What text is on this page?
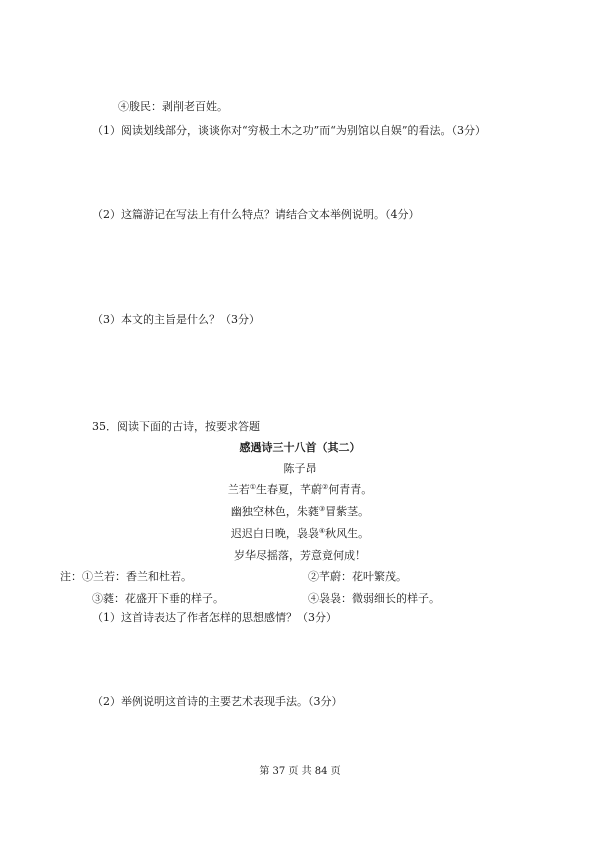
④朘民：剥削老百姓。
（1）阅读划线部分，谈谈你对“穷极土木之功”而“为别馆以自娱”的看法。（3分）
（2）这篇游记在写法上有什么特点？请结合文本举例说明。（4分）
（3）本文的主旨是什么？（3分）
35．阅读下面的古诗，按要求答题
感遇诗三十八首（其二）
陈子昂
兰若①生春夏，芊蔚②何青青。
幽独空林色，朱蕤③冒紫茎。
迟迟白日晚，袅袅④秋风生。
岁华尽摇落，芳意竟何成！
注：①兰若：香兰和杜若。	②芊蔚：花叶繁茂。
③蕤：花盛开下垂的样子。	④袅袅：微弱细长的样子。
（1）这首诗表达了作者怎样的思想感情？（3分）
（2）举例说明这首诗的主要艺术表现手法。（3分）
第 37 页 共 84 页
